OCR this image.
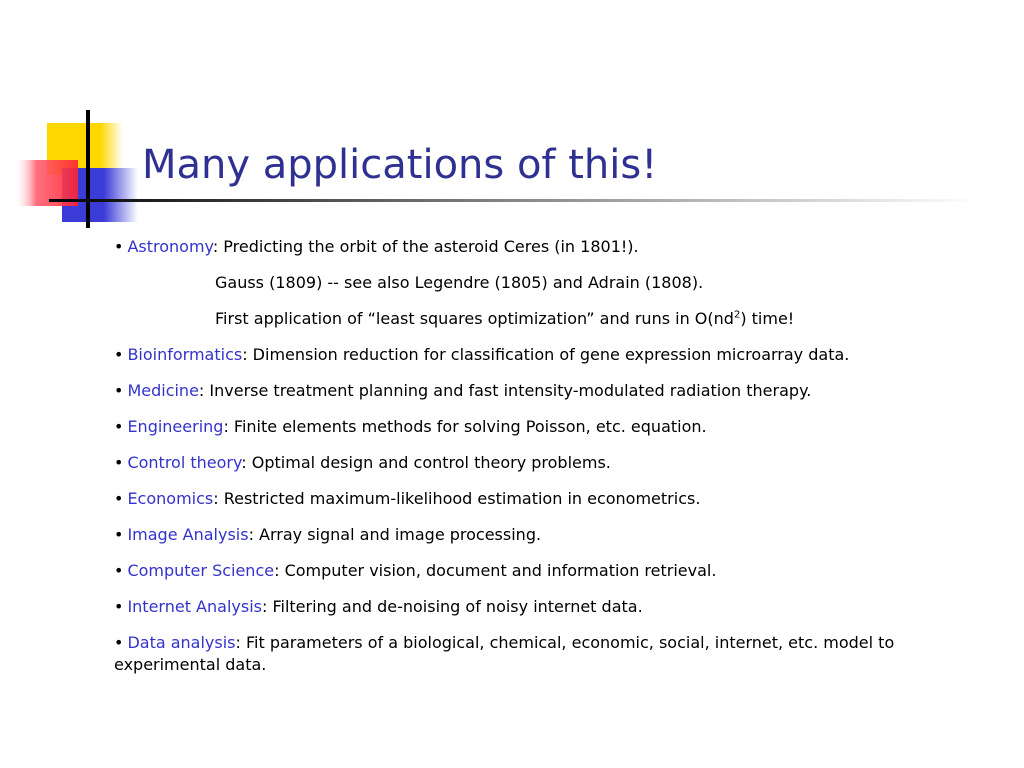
Many applications of this!
• Astronomy: Predicting the orbit of the asteroid Ceres (in 1801!).
Gauss (1809) -- see also Legendre (1805) and Adrain (1808).
First application of “least squares optimization” and runs in $O(nd^2)$ time!
• Bioinformatics: Dimension reduction for classification of gene expression microarray data.
• Medicine: Inverse treatment planning and fast intensity-modulated radiation therapy.
• Engineering: Finite elements methods for solving Poisson, etc. equation.
• Control theory: Optimal design and control theory problems.
• Economics: Restricted maximum-likelihood estimation in econometrics.
• Image Analysis: Array signal and image processing.
• Computer Science: Computer vision, document and information retrieval.
• Internet Analysis: Filtering and de-noising of noisy internet data.
• Data analysis: Fit parameters of a biological, chemical, economic, social, internet, etc. model to experimental data.
